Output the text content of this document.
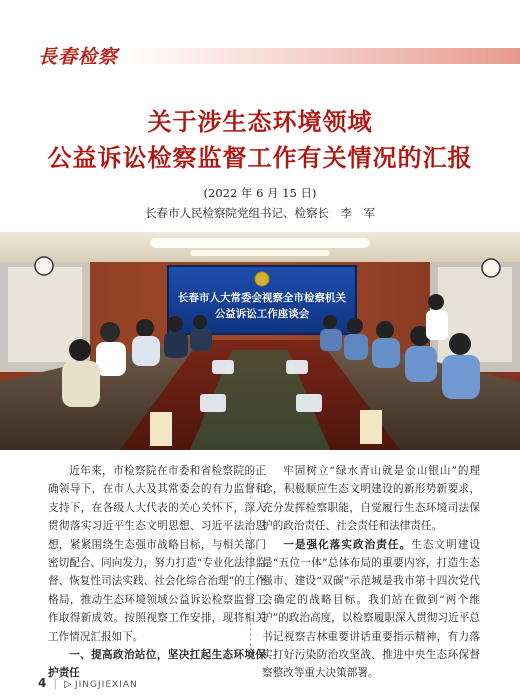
長春检察
关于涉生态环境领域
公益诉讼检察监督工作有关情况的汇报
(2022 年 6 月 15 日)
长春市人民检察院党组书记、检察长　李　军
长春市人大常委会视察全市检察机关
公益诉讼工作座谈会

近年来，市检察院在市委和省检察院的正确领导下，在市人大及其常委会的有力监督和支持下，在各级人大代表的关心关怀下，深入贯彻落实习近平生态文明思想、习近平法治思想，紧紧围绕生态强市战略目标，与相关部门密切配合、同向发力，努力打造“专业化法律监督、恢复性司法实践、社会化综合治理”的工作格局，推动生态环境领域公益诉讼检察监督工作取得新成效。按照视察工作安排，现将相关工作情况汇报如下。

一、提高政治站位，坚决扛起生态环境保护责任

牢固树立“绿水青山就是金山银山”的理念，积极顺应生态文明建设的新形势新要求，充分发挥检察职能，自觉履行生态环境司法保护的政治责任、社会责任和法律责任。

一是强化落实政治责任。生态文明建设是“五位一体”总体布局的重要内容，打造生态强市、建设“双碳”示范城是我市第十四次党代会确定的战略目标。我们站在做到“两个维护”的政治高度，以检察履职深入贯彻习近平总书记视察吉林重要讲话重要指示精神，有力落实打好污染防治攻坚战、推进中央生态环保督察整改等重大决策部署。

4 | ▷ JINGJIEXIAN
